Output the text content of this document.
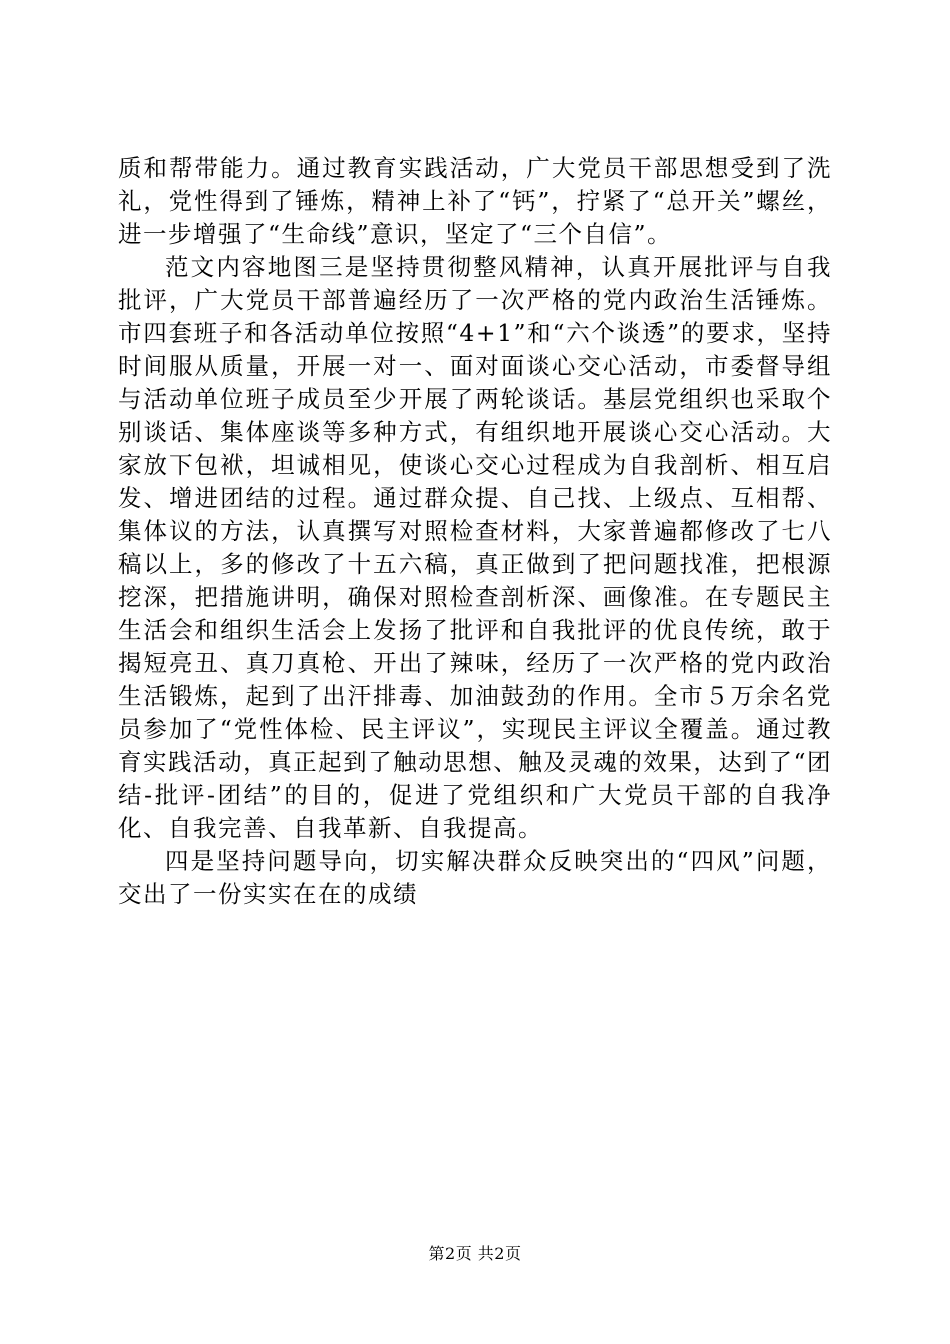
质和帮带能力。通过教育实践活动，广大党员干部思想受到了洗礼，党性得到了锤炼，精神上补了“钙”，拧紧了“总开关”螺丝，进一步增强了“生命线”意识，坚定了“三个自信”。

范文内容地图三是坚持贯彻整风精神，认真开展批评与自我批评，广大党员干部普遍经历了一次严格的党内政治生活锤炼。市四套班子和各活动单位按照“4+1”和“六个谈透”的要求，坚持时间服从质量，开展一对一、面对面谈心交心活动，市委督导组与活动单位班子成员至少开展了两轮谈话。基层党组织也采取个别谈话、集体座谈等多种方式，有组织地开展谈心交心活动。大家放下包袱，坦诚相见，使谈心交心过程成为自我剖析、相互启发、增进团结的过程。通过群众提、自己找、上级点、互相帮、集体议的方法，认真撰写对照检查材料，大家普遍都修改了七八稿以上，多的修改了十五六稿，真正做到了把问题找准，把根源挖深，把措施讲明，确保对照检查剖析深、画像准。在专题民主生活会和组织生活会上发扬了批评和自我批评的优良传统，敢于揭短亮丑、真刀真枪、开出了辣味，经历了一次严格的党内政治生活锻炼，起到了出汗排毒、加油鼓劲的作用。全市５万余名党员参加了“党性体检、民主评议”，实现民主评议全覆盖。通过教育实践活动，真正起到了触动思想、触及灵魂的效果，达到了“团结-批评-团结”的目的，促进了党组织和广大党员干部的自我净化、自我完善、自我革新、自我提高。

四是坚持问题导向，切实解决群众反映突出的“四风”问题，交出了一份实实在在的成绩

第2页 共2页
